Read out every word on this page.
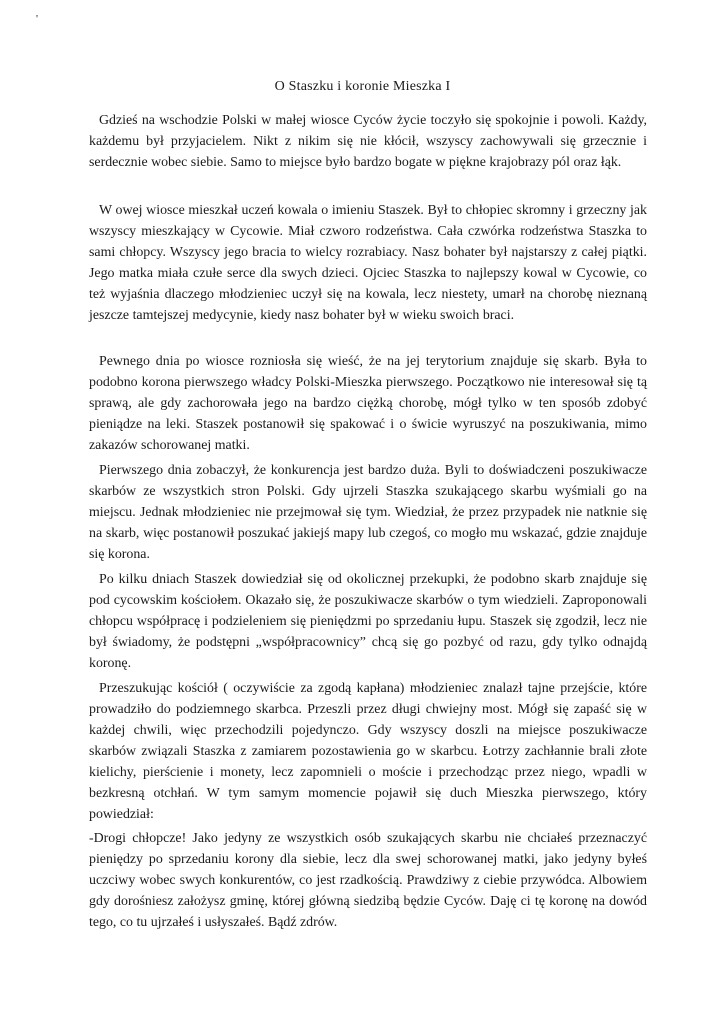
'
O Staszku i koronie Mieszka I

Gdzieś na wschodzie Polski w małej wiosce Cyców życie toczyło się spokojnie i powoli. Każdy, każdemu był przyjacielem. Nikt z nikim się nie kłócił, wszyscy zachowywali się grzecznie i serdecznie wobec siebie. Samo to miejsce było bardzo bogate w piękne krajobrazy pól oraz łąk.

W owej wiosce mieszkał uczeń kowala o imieniu Staszek. Był to chłopiec skromny i grzeczny jak wszyscy mieszkający w Cycowie. Miał czworo rodzeństwa. Cała czwórka rodzeństwa Staszka to sami chłopcy. Wszyscy jego bracia to wielcy rozrabiacy. Nasz bohater był najstarszy z całej piątki. Jego matka miała czułe serce dla swych dzieci. Ojciec Staszka to najlepszy kowal w Cycowie, co też wyjaśnia dlaczego młodzieniec uczył się na kowala, lecz niestety, umarł na chorobę nieznaną jeszcze tamtejszej medycynie, kiedy nasz bohater był w wieku swoich braci.

Pewnego dnia po wiosce rozniosła się wieść, że na jej terytorium znajduje się skarb. Była to podobno korona pierwszego władcy Polski-Mieszka pierwszego. Początkowo nie interesował się tą sprawą, ale gdy zachorowała jego na bardzo ciężką chorobę, mógł tylko w ten sposób zdobyć pieniądze na leki. Staszek postanowił się spakować i o świcie wyruszyć na poszukiwania, mimo zakazów schorowanej matki.

Pierwszego dnia zobaczył, że konkurencja jest bardzo duża. Byli to doświadczeni poszukiwacze skarbów ze wszystkich stron Polski. Gdy ujrzeli Staszka szukającego skarbu wyśmiali go na miejscu. Jednak młodzieniec nie przejmował się tym. Wiedział, że przez przypadek nie natknie się na skarb, więc postanowił poszukać jakiejś mapy lub czegoś, co mogło mu wskazać, gdzie znajduje się korona.

Po kilku dniach Staszek dowiedział się od okolicznej przekupki, że podobno skarb znajduje się pod cycowskim kościołem. Okazało się, że poszukiwacze skarbów o tym wiedzieli. Zaproponowali chłopcu współpracę i podzieleniem się pieniędzmi po sprzedaniu łupu. Staszek się zgodził, lecz nie był świadomy, że podstępni „współpracownicy” chcą się go pozbyć od razu, gdy tylko odnajdą koronę.

Przeszukując kościół ( oczywiście za zgodą kapłana) młodzieniec znalazł tajne przejście, które prowadziło do podziemnego skarbca. Przeszli przez długi chwiejny most. Mógł się zapaść się w każdej chwili, więc przechodzili pojedynczo. Gdy wszyscy doszli na miejsce poszukiwacze skarbów związali Staszka z zamiarem pozostawienia go w skarbcu. Łotrzy zachłannie brali złote kielichy, pierścienie i monety, lecz zapomnieli o moście i przechodząc przez niego, wpadli w bezkresną otchłań. W tym samym momencie pojawił się duch Mieszka pierwszego, który powiedział:

-Drogi chłopcze! Jako jedyny ze wszystkich osób szukających skarbu nie chciałeś przeznaczyć pieniędzy po sprzedaniu korony dla siebie, lecz dla swej schorowanej matki, jako jedyny byłeś uczciwy wobec swych konkurentów, co jest rzadkością. Prawdziwy z ciebie przywódca. Albowiem gdy dorośniesz założysz gminę, której główną siedzibą będzie Cyców. Daję ci tę koronę na dowód tego, co tu ujrzałeś i usłyszałeś. Bądź zdrów.
